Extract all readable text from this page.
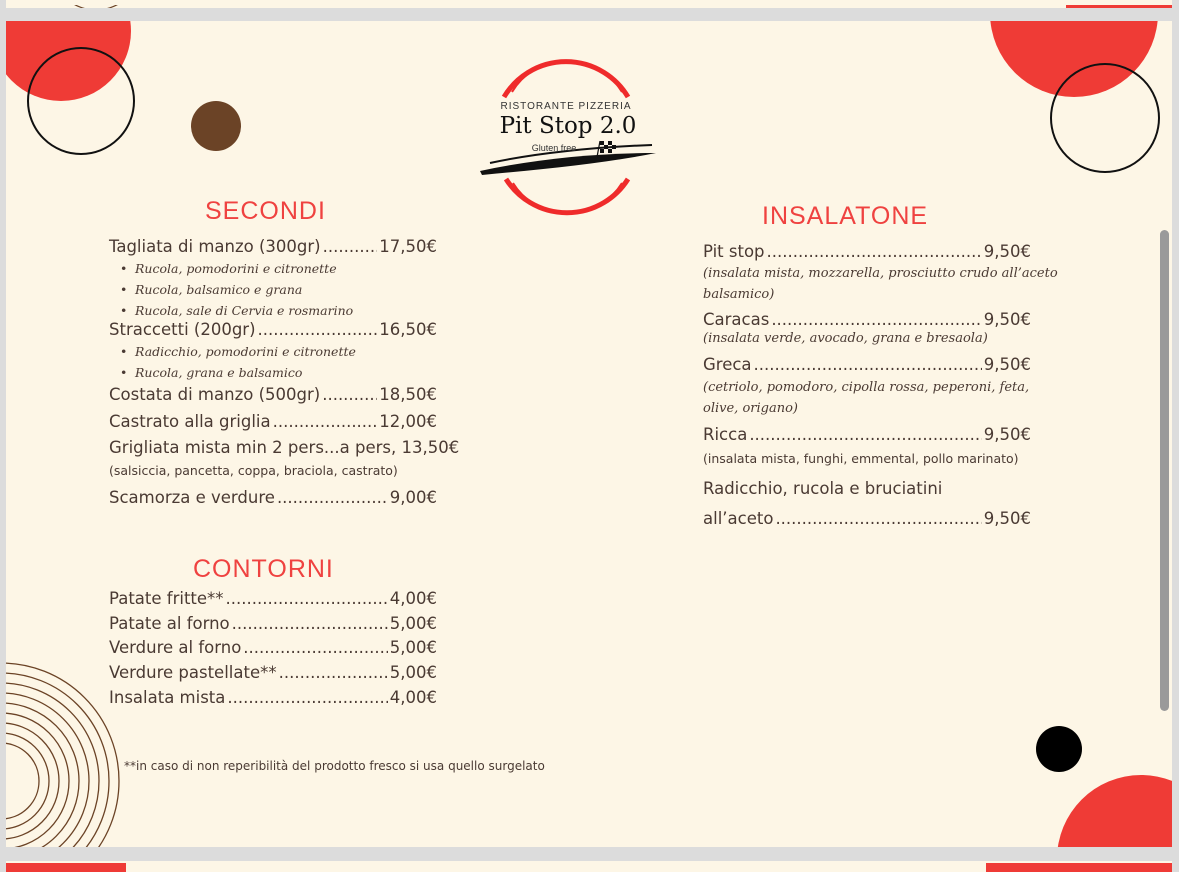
RISTORANTE PIZZERIA
Pit Stop 2.0
Gluten free
SECONDI
Tagliata di manzo (300gr) .....	17,50€
• Rucola, pomodorini e citronette
• Rucola, balsamico e grana
• Rucola, sale di Cervia e rosmarino
Straccetti (200gr) .....	16,50€
• Radicchio, pomodorini e citronette
• Rucola, grana e balsamico
Costata di manzo (500gr) .....	18,50€
Castrato alla griglia .....	12,00€
Grigliata mista min 2 pers...a pers, 13,50€
(salsiccia, pancetta, coppa, braciola, castrato)
Scamorza e verdure .....	9,00€
CONTORNI
Patate fritte** .....	4,00€
Patate al forno .....	5,00€
Verdure al forno .....	5,00€
Verdure pastellate** .....	5,00€
Insalata mista .....	4,00€
INSALATONE
Pit stop .....	9,50€
(insalata mista, mozzarella, prosciutto crudo all’aceto
balsamico)
Caracas .....	9,50€
(insalata verde, avocado, grana e bresaola)
Greca .....	9,50€
(cetriolo, pomodoro, cipolla rossa, peperoni, feta,
olive, origano)
Ricca .....	9,50€
(insalata mista, funghi, emmental, pollo marinato)
Radicchio, rucola e bruciatini
all’aceto .....	9,50€
**in caso di non reperibilità del prodotto fresco si usa quello surgelato
